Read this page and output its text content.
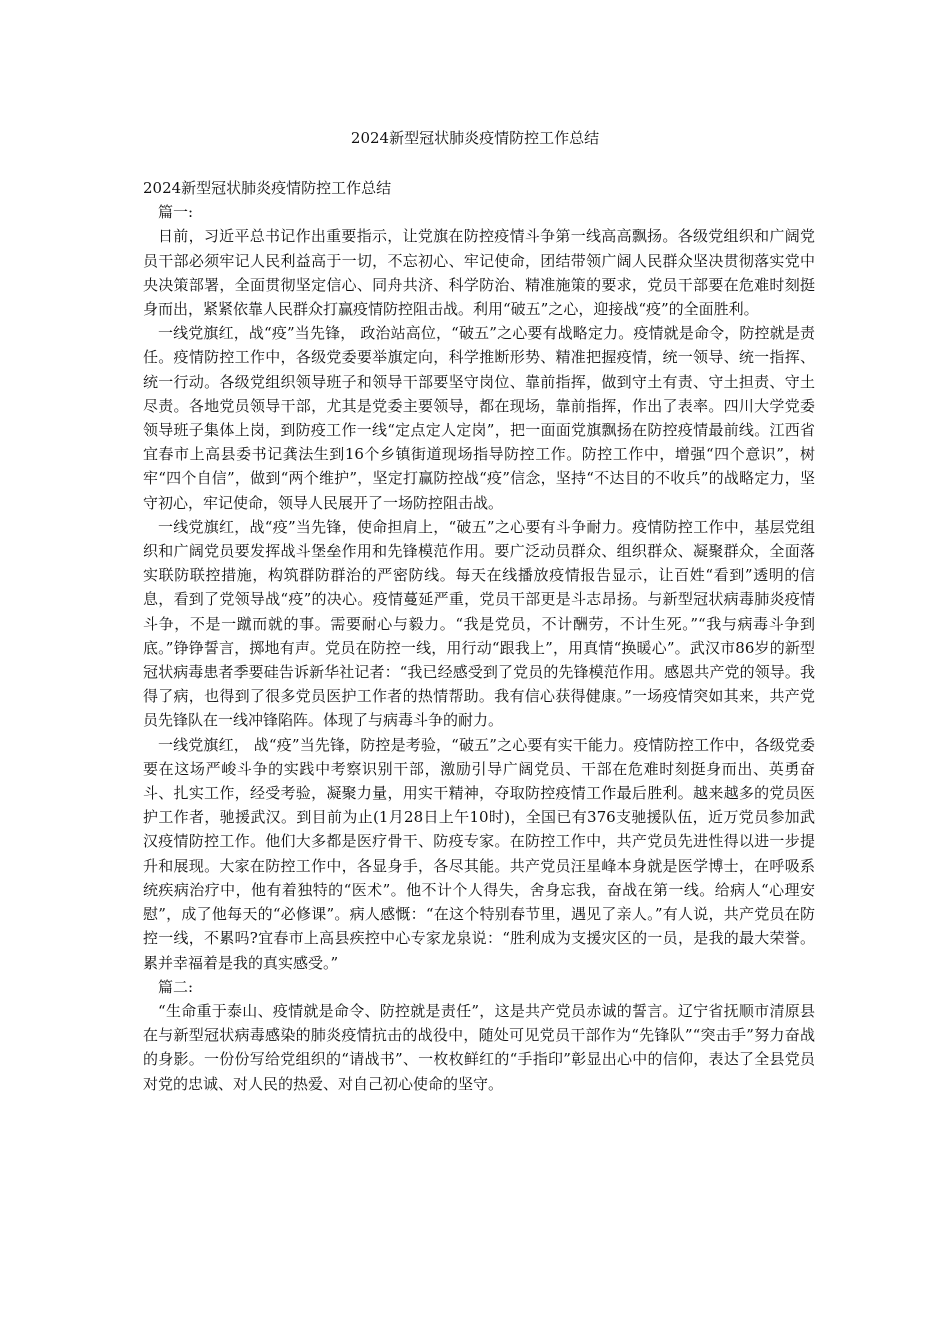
2024新型冠状肺炎疫情防控工作总结

2024新型冠状肺炎疫情防控工作总结

篇一:

日前，习近平总书记作出重要指示，让党旗在防控疫情斗争第一线高高飘扬。各级党组织和广阔党员干部必须牢记人民利益高于一切，不忘初心、牢记使命，团结带领广阔人民群众坚决贯彻落实党中央决策部署，全面贯彻坚定信心、同舟共济、科学防治、精准施策的要求，党员干部要在危难时刻挺身而出，紧紧依靠人民群众打赢疫情防控阻击战。利用“破五”之心，迎接战“疫”的全面胜利。

一线党旗红，战“疫”当先锋， 政治站高位，“破五”之心要有战略定力。疫情就是命令，防控就是责任。疫情防控工作中，各级党委要举旗定向，科学推断形势、精准把握疫情，统一领导、统一指挥、统一行动。各级党组织领导班子和领导干部要坚守岗位、靠前指挥，做到守土有责、守土担责、守土尽责。各地党员领导干部，尤其是党委主要领导，都在现场，靠前指挥，作出了表率。四川大学党委领导班子集体上岗，到防疫工作一线“定点定人定岗”，把一面面党旗飘扬在防控疫情最前线。江西省宜春市上高县委书记龚法生到16个乡镇街道现场指导防控工作。防控工作中，增强“四个意识”，树牢“四个自信”，做到“两个维护”，坚定打赢防控战“疫”信念，坚持“不达目的不收兵”的战略定力，坚守初心，牢记使命，领导人民展开了一场防控阻击战。

一线党旗红，战“疫”当先锋，使命担肩上，“破五”之心要有斗争耐力。疫情防控工作中，基层党组织和广阔党员要发挥战斗堡垒作用和先锋模范作用。要广泛动员群众、组织群众、凝聚群众，全面落实联防联控措施，构筑群防群治的严密防线。每天在线播放疫情报告显示，让百姓“看到”透明的信息，看到了党领导战“疫”的决心。疫情蔓延严重，党员干部更是斗志昂扬。与新型冠状病毒肺炎疫情斗争，不是一蹴而就的事。需要耐心与毅力。“我是党员，不计酬劳，不计生死。”“我与病毒斗争到底。”铮铮誓言，掷地有声。党员在防控一线，用行动“跟我上”，用真情“换暖心”。武汉市86岁的新型冠状病毒患者季要硅告诉新华社记者：“我已经感受到了党员的先锋模范作用。感恩共产党的领导。我得了病，也得到了很多党员医护工作者的热情帮助。我有信心获得健康。”一场疫情突如其来，共产党员先锋队在一线冲锋陷阵。体现了与病毒斗争的耐力。

一线党旗红， 战“疫”当先锋，防控是考验，“破五”之心要有实干能力。疫情防控工作中，各级党委要在这场严峻斗争的实践中考察识别干部，激励引导广阔党员、干部在危难时刻挺身而出、英勇奋斗、扎实工作，经受考验，凝聚力量，用实干精神，夺取防控疫情工作最后胜利。越来越多的党员医护工作者，驰援武汉。到目前为止(1月28日上午10时)，全国已有376支驰援队伍，近万党员参加武汉疫情防控工作。他们大多都是医疗骨干、防疫专家。在防控工作中，共产党员先进性得以进一步提升和展现。大家在防控工作中，各显身手，各尽其能。共产党员汪星峰本身就是医学博士，在呼吸系统疾病治疗中，他有着独特的“医术”。他不计个人得失，舍身忘我，奋战在第一线。给病人“心理安慰”，成了他每天的“必修课”。病人感慨：“在这个特别春节里，遇见了亲人。”有人说，共产党员在防控一线，不累吗?宜春市上高县疾控中心专家龙泉说：“胜利成为支援灾区的一员，是我的最大荣誉。累并幸福着是我的真实感受。”

篇二:

“生命重于泰山、疫情就是命令、防控就是责任”，这是共产党员赤诚的誓言。辽宁省抚顺市清原县在与新型冠状病毒感染的肺炎疫情抗击的战役中，随处可见党员干部作为“先锋队”“突击手”努力奋战的身影。一份份写给党组织的“请战书”、一枚枚鲜红的“手指印”彰显出心中的信仰，表达了全县党员对党的忠诚、对人民的热爱、对自己初心使命的坚守。
